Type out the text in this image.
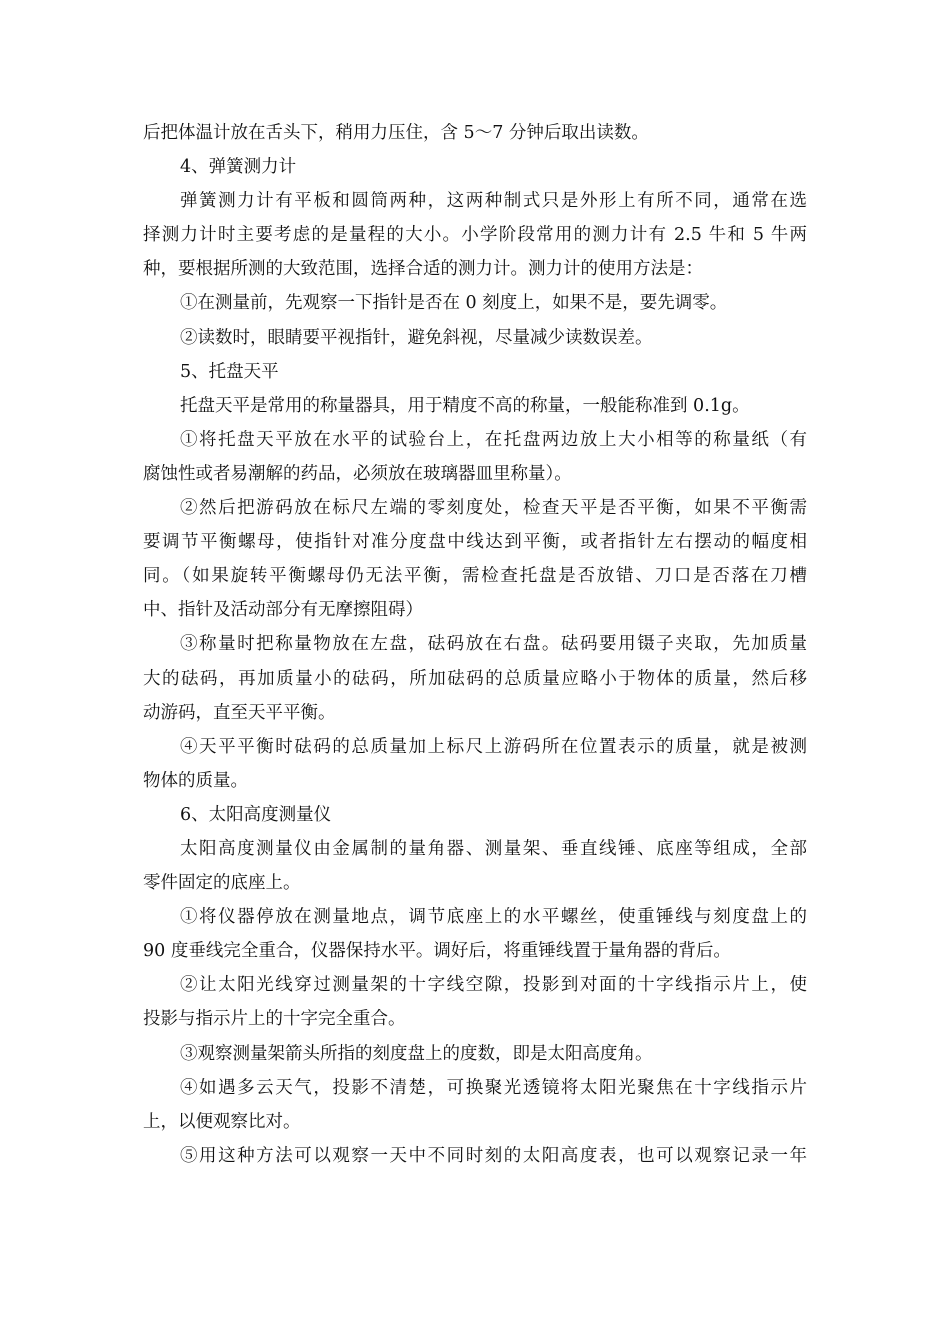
后把体温计放在舌头下，稍用力压住，含 5～7 分钟后取出读数。

4、弹簧测力计

弹簧测力计有平板和圆筒两种，这两种制式只是外形上有所不同，通常在选

择测力计时主要考虑的是量程的大小。小学阶段常用的测力计有 2.5 牛和 5 牛两

种，要根据所测的大致范围，选择合适的测力计。测力计的使用方法是：

①在测量前，先观察一下指针是否在 0 刻度上，如果不是，要先调零。

②读数时，眼睛要平视指针，避免斜视，尽量减少读数误差。

5、托盘天平

托盘天平是常用的称量器具，用于精度不高的称量，一般能称准到 0.1g。

①将托盘天平放在水平的试验台上，在托盘两边放上大小相等的称量纸（有

腐蚀性或者易潮解的药品，必须放在玻璃器皿里称量）。

②然后把游码放在标尺左端的零刻度处，检查天平是否平衡，如果不平衡需

要调节平衡螺母，使指针对准分度盘中线达到平衡，或者指针左右摆动的幅度相

同。（如果旋转平衡螺母仍无法平衡，需检查托盘是否放错、刀口是否落在刀槽

中、指针及活动部分有无摩擦阻碍）

③称量时把称量物放在左盘，砝码放在右盘。砝码要用镊子夹取，先加质量

大的砝码，再加质量小的砝码，所加砝码的总质量应略小于物体的质量，然后移

动游码，直至天平平衡。

④天平平衡时砝码的总质量加上标尺上游码所在位置表示的质量，就是被测

物体的质量。

6、太阳高度测量仪

太阳高度测量仪由金属制的量角器、测量架、垂直线锤、底座等组成，全部

零件固定的底座上。

①将仪器停放在测量地点，调节底座上的水平螺丝，使重锤线与刻度盘上的

90 度垂线完全重合，仪器保持水平。调好后，将重锤线置于量角器的背后。

②让太阳光线穿过测量架的十字线空隙，投影到对面的十字线指示片上，使

投影与指示片上的十字完全重合。

③观察测量架箭头所指的刻度盘上的度数，即是太阳高度角。

④如遇多云天气，投影不清楚，可换聚光透镜将太阳光聚焦在十字线指示片

上，以便观察比对。

⑤用这种方法可以观察一天中不同时刻的太阳高度表，也可以观察记录一年
